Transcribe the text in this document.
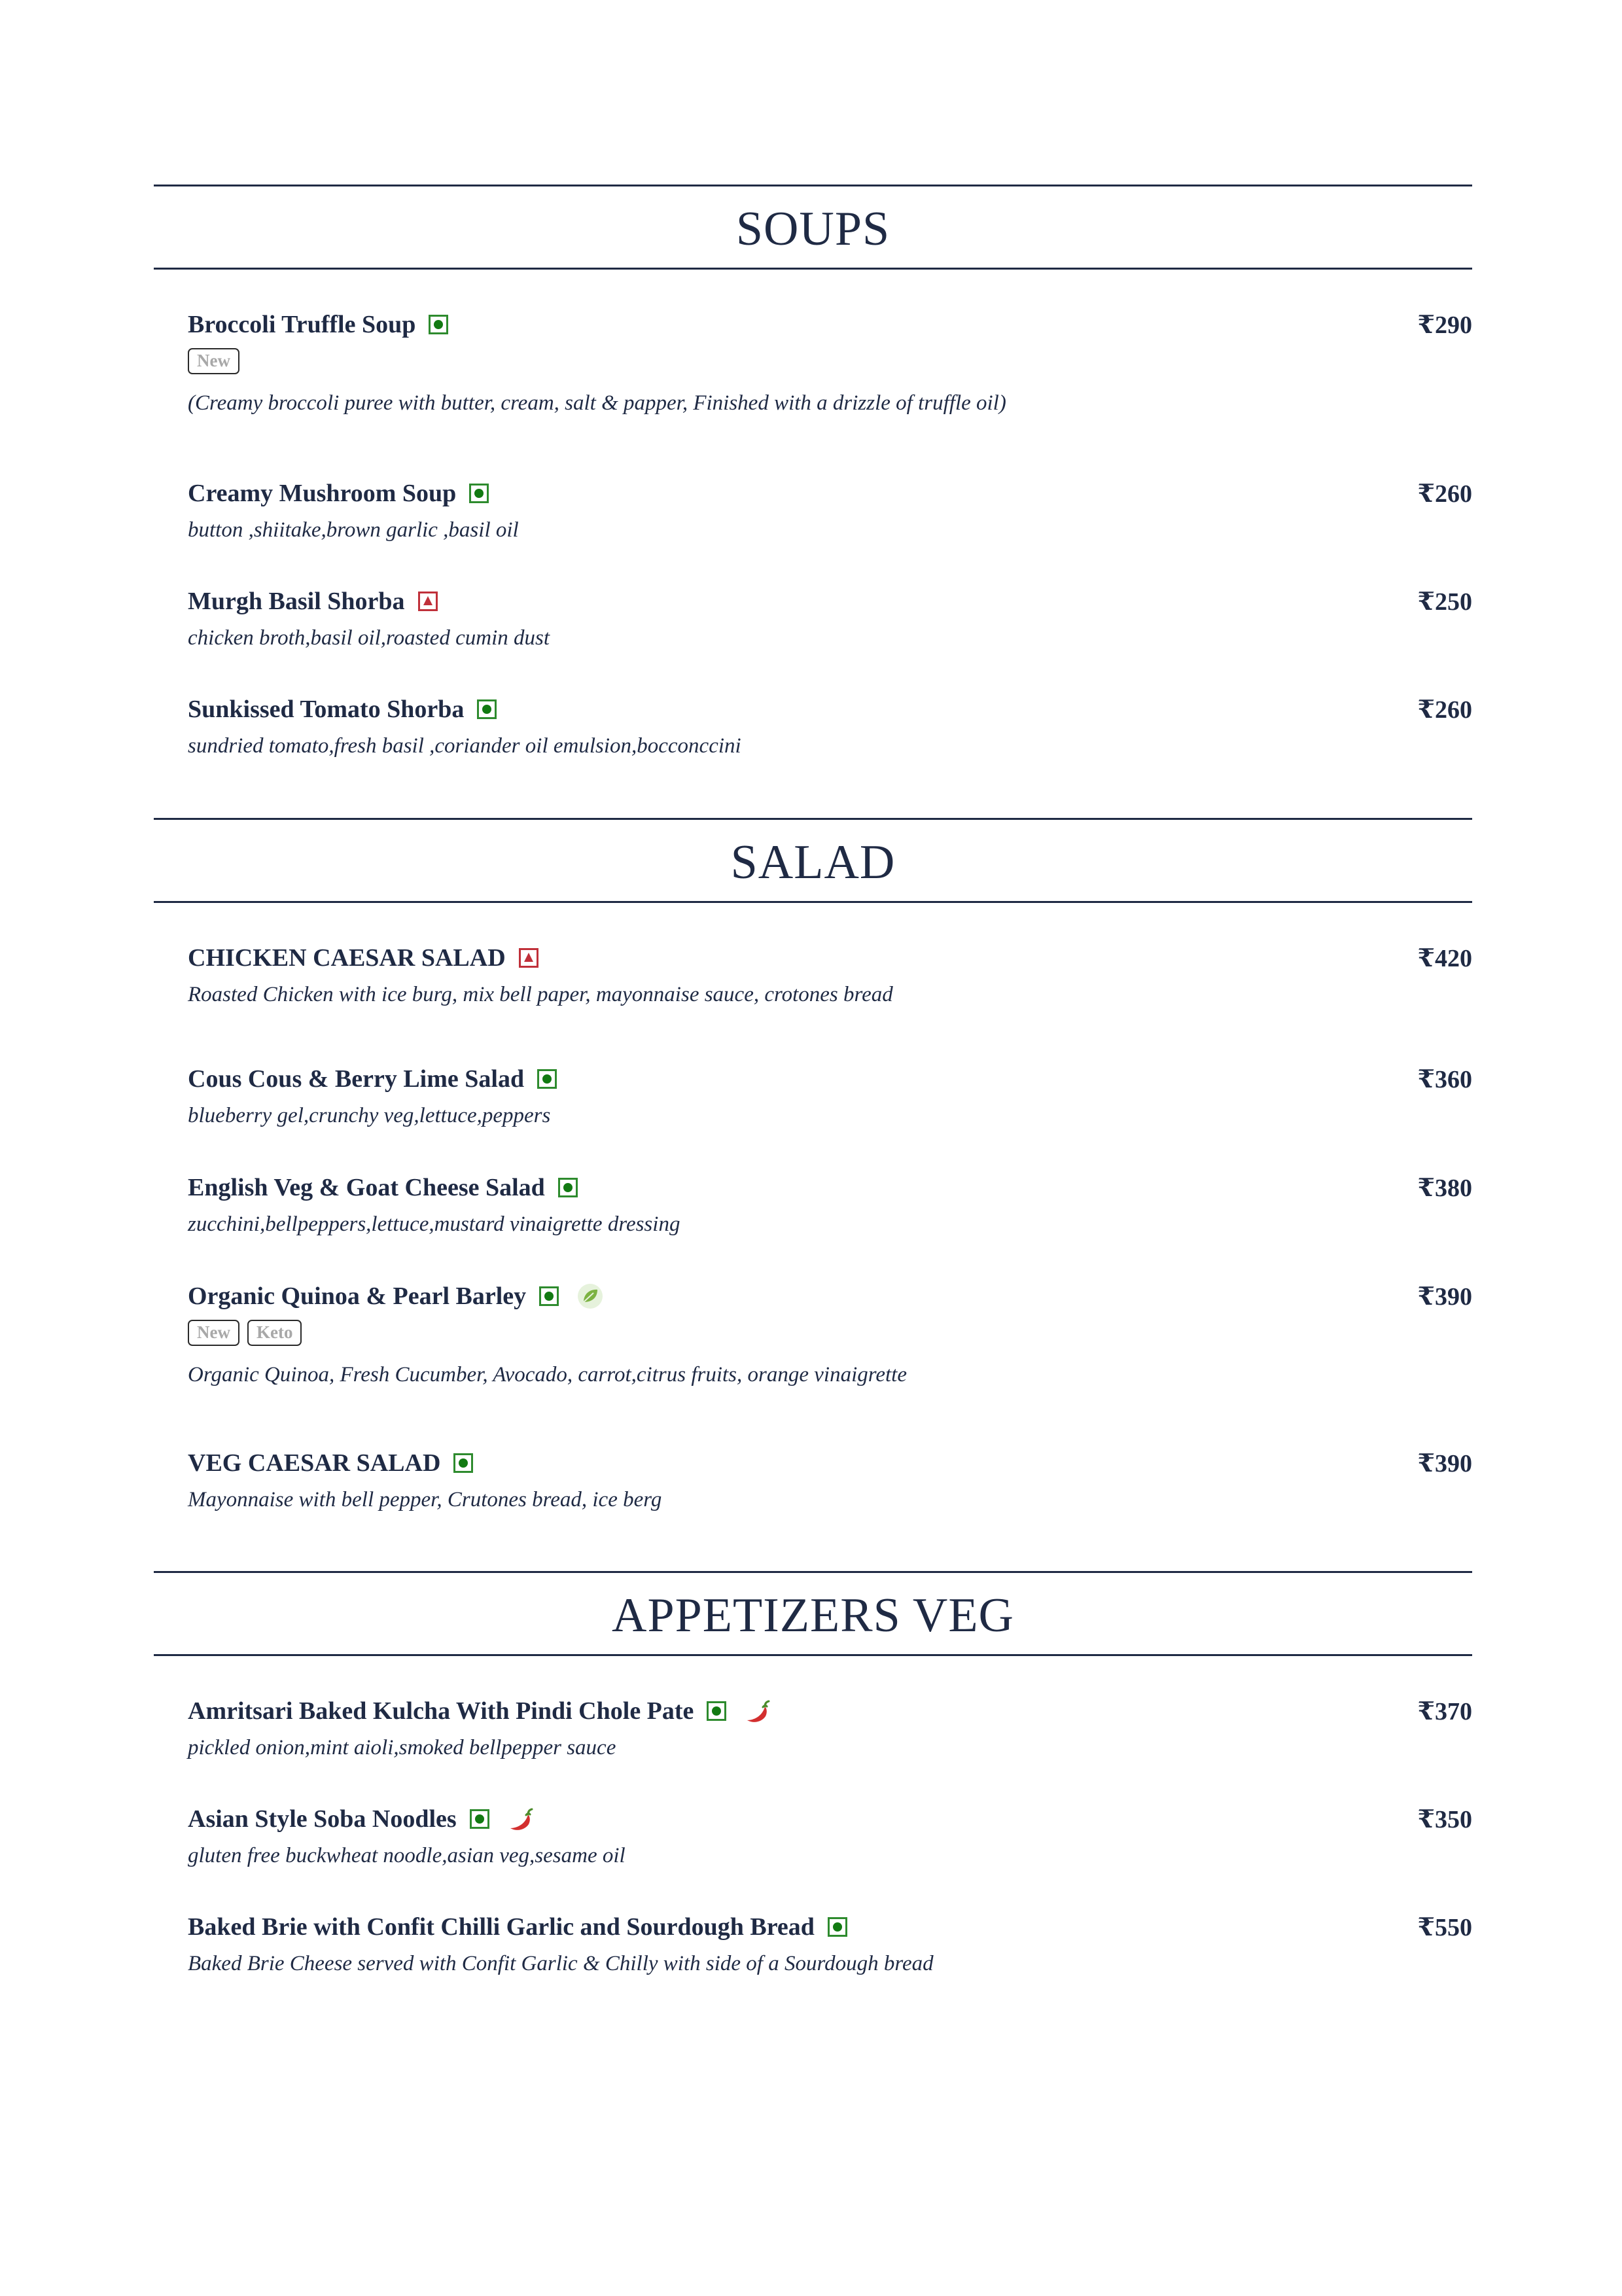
SOUPS
Broccoli Truffle Soup	₹290
New
(Creamy broccoli puree with butter, cream, salt & papper, Finished with a drizzle of truffle oil)
Creamy Mushroom Soup	₹260
button ,shiitake,brown garlic ,basil oil
Murgh Basil Shorba	₹250
chicken broth,basil oil,roasted cumin dust
Sunkissed Tomato Shorba	₹260
sundried tomato,fresh basil ,coriander oil emulsion,bocconccini
SALAD
CHICKEN CAESAR SALAD	₹420
Roasted Chicken with ice burg, mix bell paper, mayonnaise sauce, crotones bread
Cous Cous & Berry Lime Salad	₹360
blueberry gel,crunchy veg,lettuce,peppers
English Veg & Goat Cheese Salad	₹380
zucchini,bellpeppers,lettuce,mustard vinaigrette dressing
Organic Quinoa & Pearl Barley	₹390
New	Keto
Organic Quinoa, Fresh Cucumber, Avocado, carrot,citrus fruits, orange vinaigrette
VEG CAESAR SALAD	₹390
Mayonnaise with bell pepper, Crutones bread, ice berg
APPETIZERS VEG
Amritsari Baked Kulcha With Pindi Chole Pate	₹370
pickled onion,mint aioli,smoked bellpepper sauce
Asian Style Soba Noodles	₹350
gluten free buckwheat noodle,asian veg,sesame oil
Baked Brie with Confit Chilli Garlic and Sourdough Bread	₹550
Baked Brie Cheese served with Confit Garlic & Chilly with side of a Sourdough bread
